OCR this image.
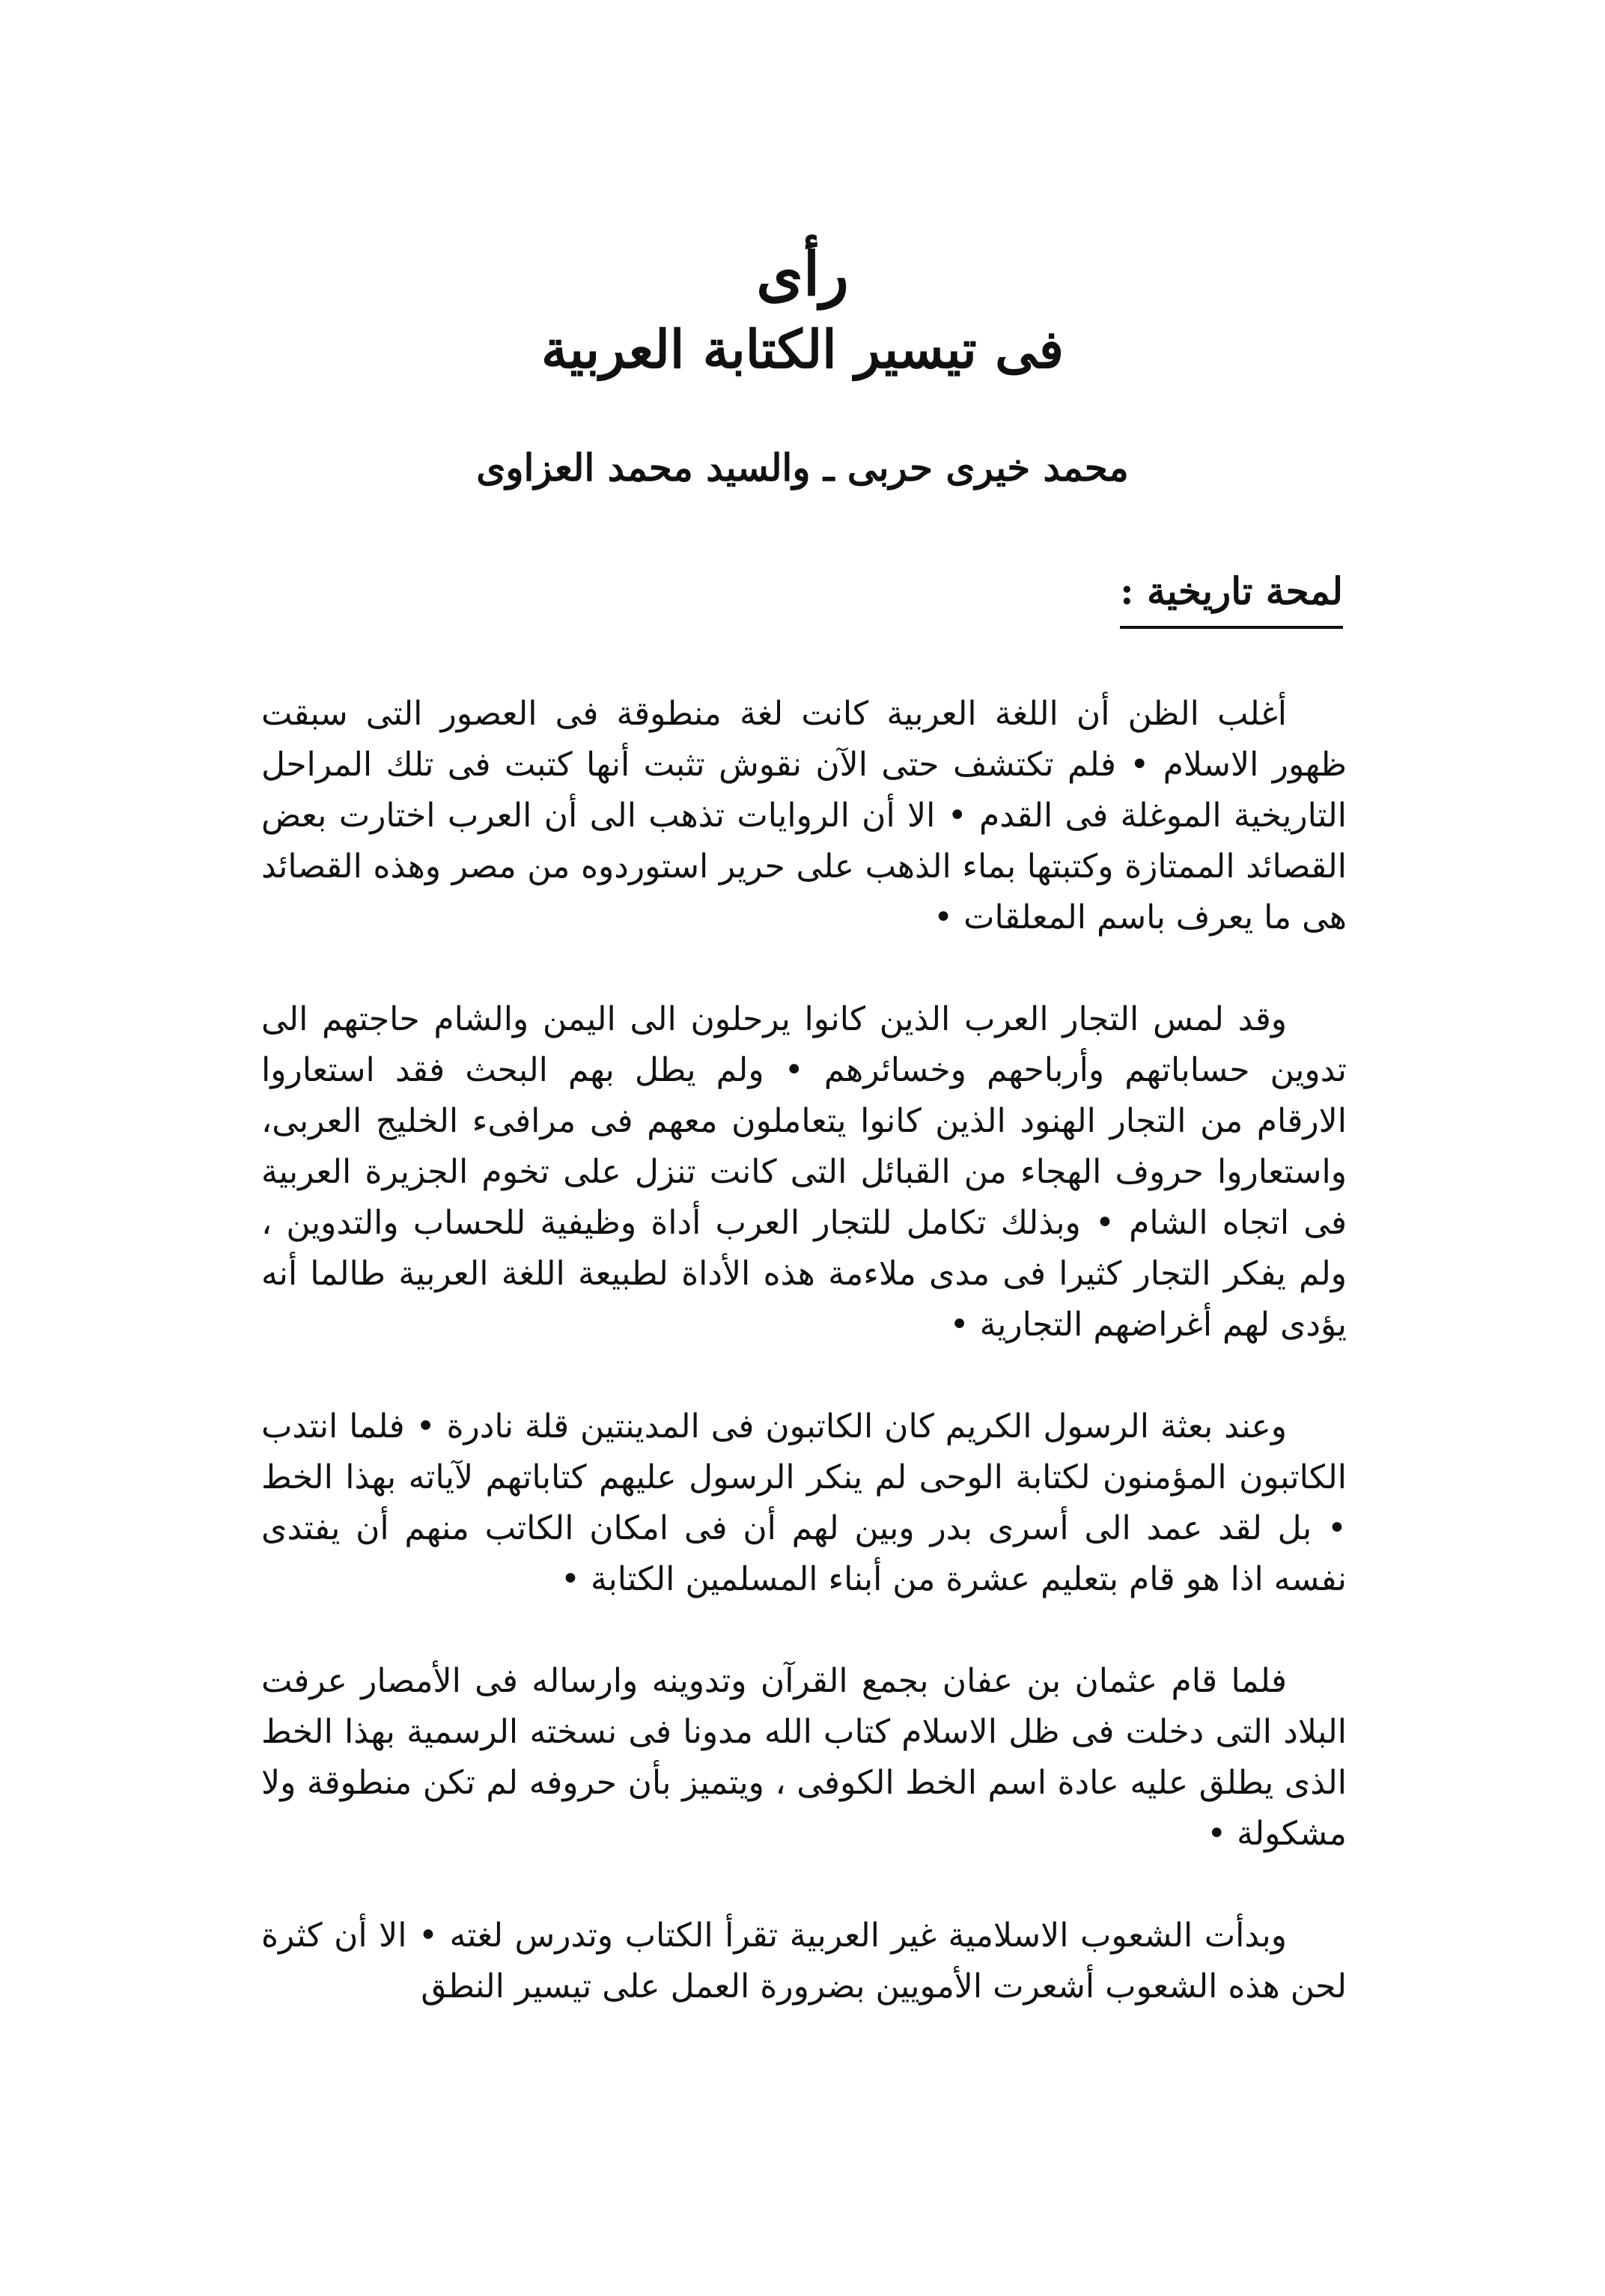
رأى
فى تيسير الكتابة العربية
محمد خيرى حربى ـ والسيد محمد العزاوى
لمحة تاريخية :

أغلب الظن أن اللغة العربية كانت لغة منطوقة فى العصور التى سبقت ظهور الاسلام • فلم تكتشف حتى الآن نقوش تثبت أنها كتبت فى تلك المراحل التاريخية الموغلة فى القدم • الا أن الروايات تذهب الى أن العرب اختارت بعض القصائد الممتازة وكتبتها بماء الذهب على حرير استوردوه من مصر وهذه القصائد هى ما يعرف باسم المعلقات •

وقد لمس التجار العرب الذين كانوا يرحلون الى اليمن والشام حاجتهم الى تدوين حساباتهم وأرباحهم وخسائرهم • ولم يطل بهم البحث فقد استعاروا الارقام من التجار الهنود الذين كانوا يتعاملون معهم فى مرافىء الخليج العربى، واستعاروا حروف الهجاء من القبائل التى كانت تنزل على تخوم الجزيرة العربية فى اتجاه الشام • وبذلك تكامل للتجار العرب أداة وظيفية للحساب والتدوين ، ولم يفكر التجار كثيرا فى مدى ملاءمة هذه الأداة لطبيعة اللغة العربية طالما أنه يؤدى لهم أغراضهم التجارية •

وعند بعثة الرسول الكريم كان الكاتبون فى المدينتين قلة نادرة • فلما انتدب الكاتبون المؤمنون لكتابة الوحى لم ينكر الرسول عليهم كتاباتهم لآياته بهذا الخط • بل لقد عمد الى أسرى بدر وبين لهم أن فى امكان الكاتب منهم أن يفتدى نفسه اذا هو قام بتعليم عشرة من أبناء المسلمين الكتابة •

فلما قام عثمان بن عفان بجمع القرآن وتدوينه وارساله فى الأمصار عرفت البلاد التى دخلت فى ظل الاسلام كتاب الله مدونا فى نسخته الرسمية بهذا الخط الذى يطلق عليه عادة اسم الخط الكوفى ، ويتميز بأن حروفه لم تكن منطوقة ولا مشكولة •

وبدأت الشعوب الاسلامية غير العربية تقرأ الكتاب وتدرس لغته • الا أن كثرة لحن هذه الشعوب أشعرت الأمويين بضرورة العمل على تيسير النطق
